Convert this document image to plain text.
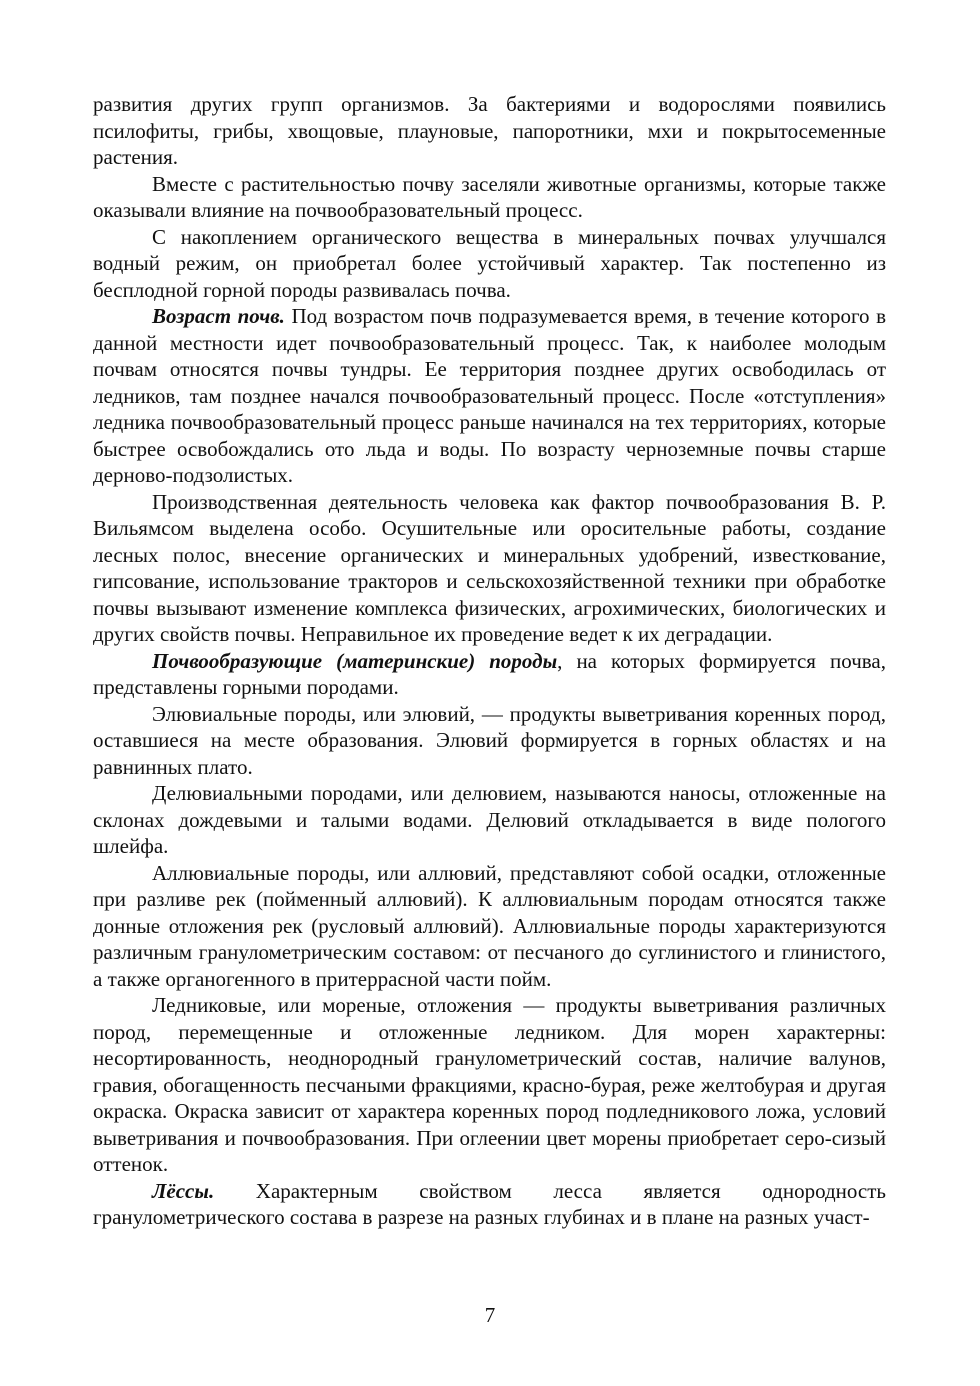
развития других групп организмов. За бактериями и водорослями появились псилофиты, грибы, хвощовые, плауновые, папоротники, мхи и покрытосеменные растения.

Вместе с растительностью почву заселяли животные организмы, которые также оказывали влияние на почвообразовательный процесс.

С накоплением органического вещества в минеральных почвах улучшался водный режим, он приобретал более устойчивый характер. Так постепенно из бесплодной горной породы развивалась почва.

Возраст почв. Под возрастом почв подразумевается время, в течение которого в данной местности идет почвообразовательный процесс. Так, к наиболее молодым почвам относятся почвы тундры. Ее территория позднее других освободилась от ледников, там позднее начался почвообразовательный процесс. После «отступления» ледника почвообразовательный процесс раньше начинался на тех территориях, которые быстрее освобождались ото льда и воды. По возрасту черноземные почвы старше дерново-подзолистых.

Производственная деятельность человека как фактор почвообразования В. Р. Вильямсом выделена особо. Осушительные или оросительные работы, создание лесных полос, внесение органических и минеральных удобрений, известкование, гипсование, использование тракторов и сельскохозяйственной техники при обработке почвы вызывают изменение комплекса физических, агрохимических, биологических и других свойств почвы. Неправильное их проведение ведет к их деградации.

Почвообразующие (материнские) породы, на которых формируется почва, представлены горными породами.

Элювиальные породы, или элювий, — продукты выветривания коренных пород, оставшиеся на месте образования. Элювий формируется в горных областях и на равнинных плато.

Делювиальными породами, или делювием, называются наносы, отложенные на склонах дождевыми и талыми водами. Делювий откладывается в виде пологого шлейфа.

Аллювиальные породы, или аллювий, представляют собой осадки, отложенные при разливе рек (пойменный аллювий). К аллювиальным породам относятся также донные отложения рек (русловый аллювий). Аллювиальные породы характеризуются различным гранулометрическим составом: от песчаного до суглинистого и глинистого, а также органогенного в притеррасной части пойм.

Ледниковые, или мореные, отложения — продукты выветривания различных пород, перемещенные и отложенные ледником. Для морен характерны: несортированность, неоднородный гранулометрический состав, наличие валунов, гравия, обогащенность песчаными фракциями, красно-бурая, реже желтобурая и другая окраска. Окраска зависит от характера коренных пород подледникового ложа, условий выветривания и почвообразования. При оглеении цвет морены приобретает серо-сизый оттенок.

Лёссы. Характерным свойством лесса является однородность гранулометрического состава в разрезе на разных глубинах и в плане на разных участ-

7
